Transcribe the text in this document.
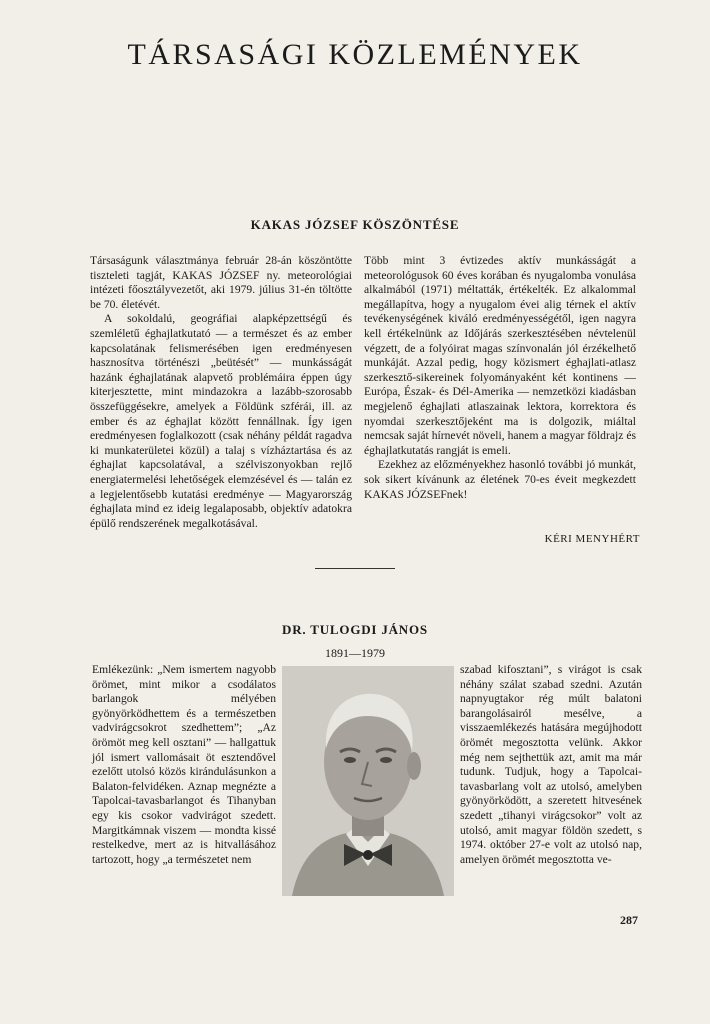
TÁRSASÁGI KÖZLEMÉNYEK
KAKAS JÓZSEF KÖSZÖNTÉSE

Társaságunk választmánya február 28-án köszöntötte tiszteleti tagját, KAKAS JÓZSEF ny. meteorológiai intézeti főosztályvezetőt, aki 1979. július 31-én töltötte be 70. életévét.

A sokoldalú, geográfiai alapképzettségű és szemléletű éghajlatkutató — a természet és az ember kapcsolatának felismerésében igen eredményesen hasznosítva történészi „beütését” — munkásságát hazánk éghajlatának alapvető problémáira éppen úgy kiterjesztette, mint mindazokra a lazább-szorosabb összefüggésekre, amelyek a Földünk szférái, ill. az ember és az éghajlat között fennállnak. Így igen eredményesen foglalkozott (csak néhány példát ragadva ki munkaterületei közül) a talaj s vízháztartása és az éghajlat kapcsolatával, a szélviszonyokban rejlő energiatermelési lehetőségek elemzésével és — talán ez a legjelentősebb kutatási eredménye — Magyarország éghajlata mind ez ideig legalaposabb, objektív adatokra épülő rendszerének megalkotásával.

Több mint 3 évtizedes aktív munkásságát a meteorológusok 60 éves korában és nyugalomba vonulása alkalmából (1971) méltatták, értékelték. Ez alkalommal megállapítva, hogy a nyugalom évei alig térnek el aktív tevékenységének kiváló eredményességétől, igen nagyra kell értékelnünk az Időjárás szerkesztésében névtelenül végzett, de a folyóirat magas színvonalán jól érzékelhető munkáját. Azzal pedig, hogy közismert éghajlati-atlasz szerkesztő-sikereinek folyományaként két kontinens — Európa, Észak- és Dél-Amerika — nemzetközi kiadásban megjelenő éghajlati atlaszainak lektora, korrektora és nyomdai szerkesztőjeként ma is dolgozik, miáltal nemcsak saját hírnevét növeli, hanem a magyar földrajz és éghajlatkutatás rangját is emeli.

Ezekhez az előzményekhez hasonló további jó munkát, sok sikert kívánunk az életének 70-es éveit megkezdett KAKAS JÓZSEFnek!

KÉRI MENYHÉRT
DR. TULOGDI JÁNOS
1891—1979

Emlékezünk: „Nem ismertem nagyobb örömet, mint mikor a csodálatos barlangok mélyében gyönyörködhettem és a természetben vadvirágcsokrot szedhettem”; „Az örömöt meg kell osztani” — hallgattuk jól ismert vallomásait öt esztendővel ezelőtt utolsó közös kirándulásunkon a Balaton-felvidéken. Aznap megnézte a Tapolcai-tavasbarlangot és Tihanyban egy kis csokor vadvirágot szedett. Margitkámnak viszem — mondta kissé restelkedve, mert az is hitvallásához tartozott, hogy „a természetet nem

szabad kifosztani”, s virágot is csak néhány szálat szabad szedni. Azután napnyugtakor rég múlt balatoni barangolásairól mesélve, a visszaemlékezés hatására megújhodott örömét megosztotta velünk. Akkor még nem sejthettük azt, amit ma már tudunk. Tudjuk, hogy a Tapolcai-tavasbarlang volt az utolsó, amelyben gyönyörködött, a szeretett hitvesének szedett „tihanyi virágcsokor” volt az utolsó, amit magyar földön szedett, s 1974. október 27-e volt az utolsó nap, amelyen örömét megosztotta ve-

287
